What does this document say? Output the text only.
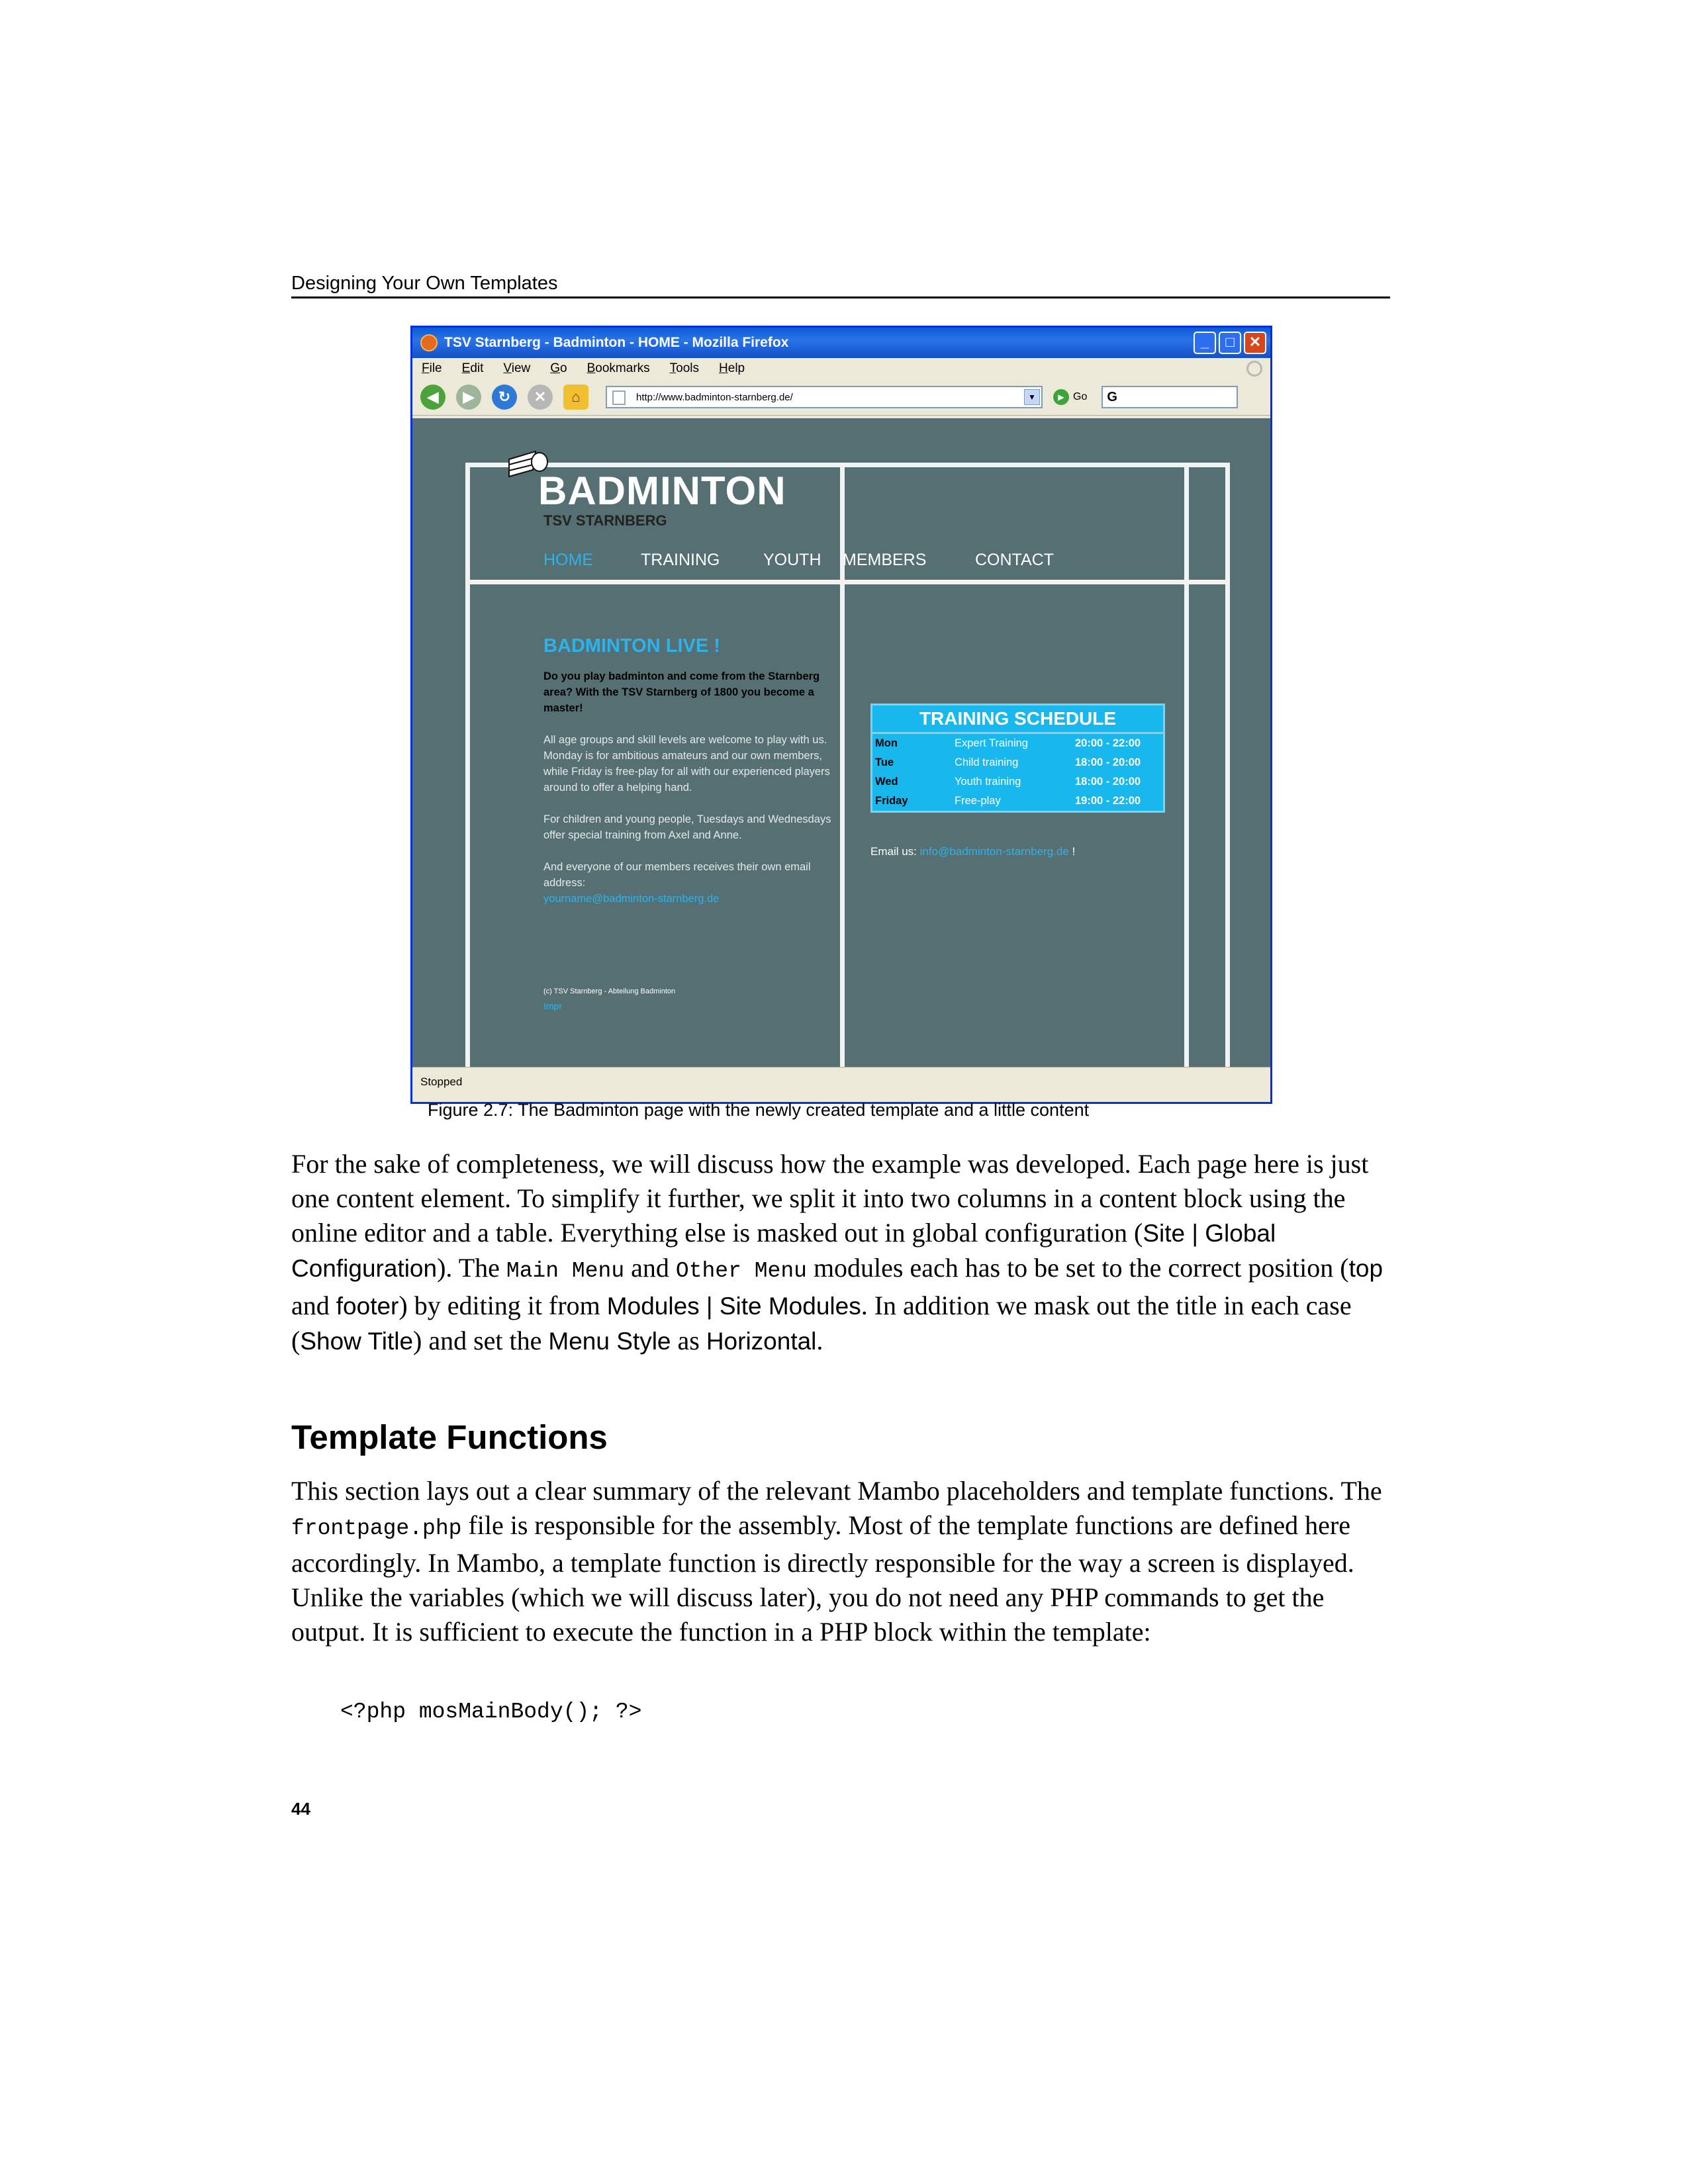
Designing Your Own Templates
TSV Starnberg - Badminton - HOME - Mozilla Firefox	_	□	✕
File Edit View Go Bookmarks Tools Help
◀	▶	↻	✕	⌂	http://www.badminton-starnberg.de/	▼	▶ Go	G
BADMINTON
TSV STARNBERG
HOME	TRAINING	YOUTH MEMBERS	CONTACT
BADMINTON LIVE !

Do you play badminton and come from the Starnberg area? With the TSV Starnberg of 1800 you become a master!

All age groups and skill levels are welcome to play with us. Monday is for ambitious amateurs and our own members, while Friday is free-play for all with our experienced players around to offer a helping hand.

For children and young people, Tuesdays and Wednesdays offer special training from Axel and Anne.

And everyone of our members receives their own email address:

yourname@badminton-starnberg.de

(c) TSV Starnberg - Abteilung Badminton
Impr
TRAINING SCHEDULE
Mon	Expert Training	20:00 - 22:00
Tue	Child training	18:00 - 20:00
Wed	Youth training	18:00 - 20:00
Friday	Free-play	19:00 - 22:00
Email us: info@badminton-starnberg.de !
Stopped
Figure 2.7: The Badminton page with the newly created template and a little content
For the sake of completeness, we will discuss how the example was developed. Each page here is just one content element. To simplify it further, we split it into two columns in a content block using the online editor and a table. Everything else is masked out in global configuration (Site | Global Configuration). The Main Menu and Other Menu modules each has to be set to the correct position (top and footer) by editing it from Modules | Site Modules. In addition we mask out the title in each case (Show Title) and set the Menu Style as Horizontal.
Template Functions
This section lays out a clear summary of the relevant Mambo placeholders and template functions. The frontpage.php file is responsible for the assembly. Most of the template functions are defined here accordingly. In Mambo, a template function is directly responsible for the way a screen is displayed. Unlike the variables (which we will discuss later), you do not need any PHP commands to get the output. It is sufficient to execute the function in a PHP block within the template:
<?php mosMainBody(); ?>
44
